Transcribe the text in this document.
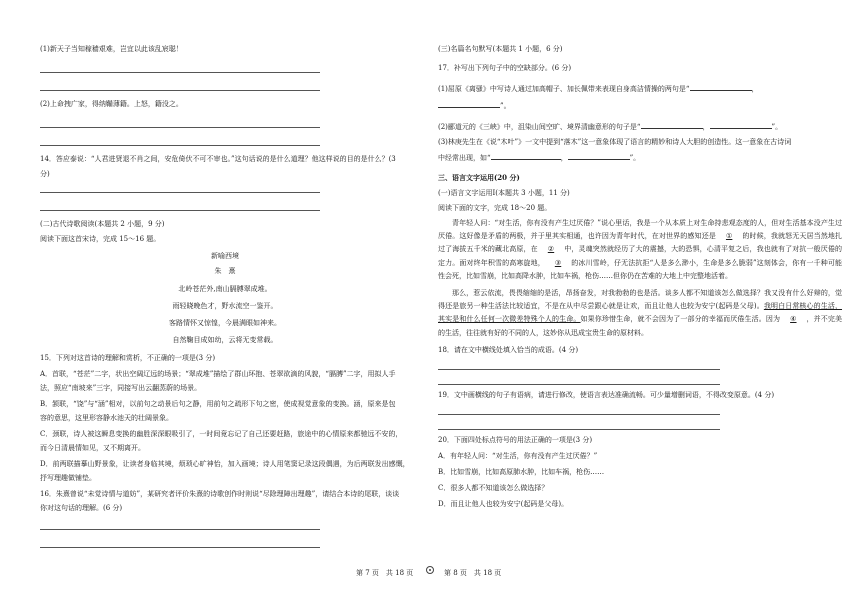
(1)新天子当知稼穑艰难，岂宜以此该乱宸聪！

(2)上命拽广家，得纳鞴薄籍。上怒，籍没之。

14．答应泰说：“人君进贤退不肖之间，安危倚伏不可不审也。”这句话说的是什么道理？他这样说的目的是什么？(3

分)

(二)古代诗歌阅读(本题共 2 小题，9 分)

阅读下面这首宋诗，完成 15～16 题。

新喻西境

朱　熹

北岭苍茫外,南山膈膊翠成堆。

雨轻晓晚色才，野水流空一鉴开。

客路情怀又惊惶，今晨满眼如神来。

自然鞠目成如幼，云将无变常载。

15．下列对这首诗的理解和赏析，不正确的一项是(3 分)

A．首联，“苍茫”二字，状出空阔辽远的场景；“翠成堆”描绘了群山环抱、苍翠欲滴的风貌，“膈膊”二字，用拟人手

法，照应“南坡来”三字，同接写出云翻蒸蔚的场景。

B．颔联，“饶”与“涵”相对，以前句之动景后句之静，用前句之疏形下句之密，使成视觉意象的变换。涵，原来是包

容的意思，这里形容静水池天的壮阔景象。

C．颈联，诗人被这瞬息变换的幽胜深深眼吸引了，一时间竟忘记了自己还要赶路，旅途中的心情原来都驰远不安的，

而今日清晨情如见，又不期离开。

D．前两联描摹山野景象，让读者身临其境，烦琐心旷神怡，加入画境；诗人用笔窦记录这段偶遇，为后两联发出感慨，

抒写理趣做铺垫。

16．朱熹曾说“未觉诗情与道妨”，某研究者评价朱熹的诗歌创作时则说“尽除理障出理趣”，请结合本诗的尾联，谈谈

你对这句话的理解。(6 分)

(三)名篇名句默写(本题共 1 小题，6 分)

17．补写出下列句子中的空缺部分。(6 分)

(1)屈原《离骚》中写诗人通过加高帽子、加长佩带来表现自身高洁情操的两句是“	，

”。

(2)郦道元的《三峡》中，沮染山间空旷、境界清幽意形的句子是“	，	”。

(3)林庚先生在《说“木叶”》一文中提到“落木”这一意象体现了语言的精妙和诗人大胆的创造性。这一意象在古诗词

中经常出现，如“	，	”。

三、语言文字运用(20 分)

(一)语言文字运用Ⅰ(本题共 3 小题，11 分)

阅读下面的文字，完成 18～20 题。

青年轻人问：“对生活，你有没有产生过厌倦？”说心里话，我是一个从本质上对生命持悲观态度的人，但对生活基本没产生过厌倦。这好像是矛盾的两极，并于里其实相通，也许因为青年时代，在对世界的感知还是 ① 的时候，我就怒无天居当然地扎过了海拔五千米的藏北高原，在 ② 中，灵魂突然就经历了大的震撼，大的恐惧，心清平复之后，我也就有了对抗一般厌倦的定力。面对终年积雪的高寒旋地， ③ 的冰川雪岭，仔无法抗拒“人是多么渺小，生命是多么脆弱”这刻体会，你有一千种可能性会死，比如雪崩，比如高降水肿，比如车祸，枪伤……但你仍在苦难的大地上中完整地活着。

那么，惹云依流，畏畏缩缩的是活，昂扬奋发，对我勃勃的也是活。谈多人都不知道该怎么做选择？我又没有什么好辩的，觉得还是旅另一种生活法比较适宜，不是在从中尽尝跟心就是让欢，而且让他人也较为安宁(起码是父母)。我明白日常核心的生活，其实是和什么任何一次微差特殊个人的生命。如果你珍惜生命，就不会因为了一部分的幸福而厌倦生活。因为 ④ ，并不完美的生活，往往就有好的不同的人，这妙你从迅成宝贵生命的原材料。

18．请在文中横线处填入恰当的成语。(4 分)

19．文中画横线的句子有语病，请进行修改，使语言表达准确流畅。可少量增删词语，不得改变原意。(4 分)

20．下面四处标点符号的用法正确的一项是(3 分)

A．有年轻人问：“对生活，你有没有产生过厌倦？”

B．比如雪崩，比如高原肺水肿，比如车祸，枪伤……

C．很多人都不知道该怎么做选择？

D．而且让他人也较为安宁(起码是父母)。

第 7 页　共 18 页	第 8 页　共 18 页
